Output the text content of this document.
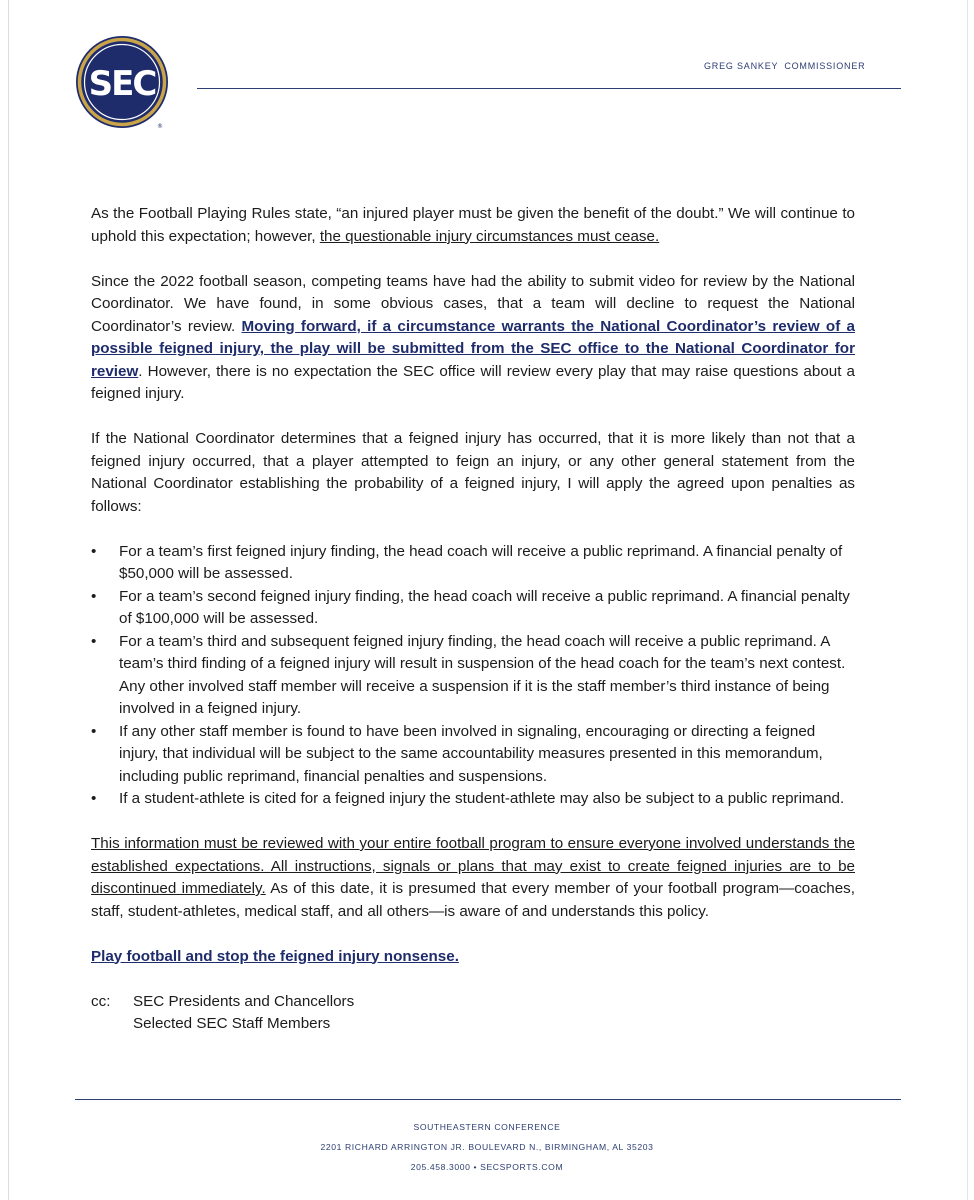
SEC
®
GREG SANKEY COMMISSIONER

As the Football Playing Rules state, “an injured player must be given the benefit of the doubt.” We will continue to uphold this expectation; however, the questionable injury circumstances must cease.

Since the 2022 football season, competing teams have had the ability to submit video for review by the National Coordinator. We have found, in some obvious cases, that a team will decline to request the National Coordinator’s review. Moving forward, if a circumstance warrants the National Coordinator’s review of a possible feigned injury, the play will be submitted from the SEC office to the National Coordinator for review. However, there is no expectation the SEC office will review every play that may raise questions about a feigned injury.

If the National Coordinator determines that a feigned injury has occurred, that it is more likely than not that a feigned injury occurred, that a player attempted to feign an injury, or any other general statement from the National Coordinator establishing the probability of a feigned injury, I will apply the agreed upon penalties as follows:

• For a team’s first feigned injury finding, the head coach will receive a public reprimand. A financial penalty of $50,000 will be assessed.
• For a team’s second feigned injury finding, the head coach will receive a public reprimand. A financial penalty of $100,000 will be assessed.
• For a team’s third and subsequent feigned injury finding, the head coach will receive a public reprimand. A team’s third finding of a feigned injury will result in suspension of the head coach for the team’s next contest. Any other involved staff member will receive a suspension if it is the staff member’s third instance of being involved in a feigned injury.
• If any other staff member is found to have been involved in signaling, encouraging or directing a feigned injury, that individual will be subject to the same accountability measures presented in this memorandum, including public reprimand, financial penalties and suspensions.
• If a student-athlete is cited for a feigned injury the student-athlete may also be subject to a public reprimand.

This information must be reviewed with your entire football program to ensure everyone involved understands the established expectations. All instructions, signals or plans that may exist to create feigned injuries are to be discontinued immediately. As of this date, it is presumed that every member of your football program—coaches, staff, student-athletes, medical staff, and all others—is aware of and understands this policy.

Play football and stop the feigned injury nonsense.

cc:	SEC Presidents and Chancellors
Selected SEC Staff Members
SOUTHEASTERN CONFERENCE
2201 RICHARD ARRINGTON JR. BOULEVARD N., BIRMINGHAM, AL 35203
205.458.3000 • SECSPORTS.COM
